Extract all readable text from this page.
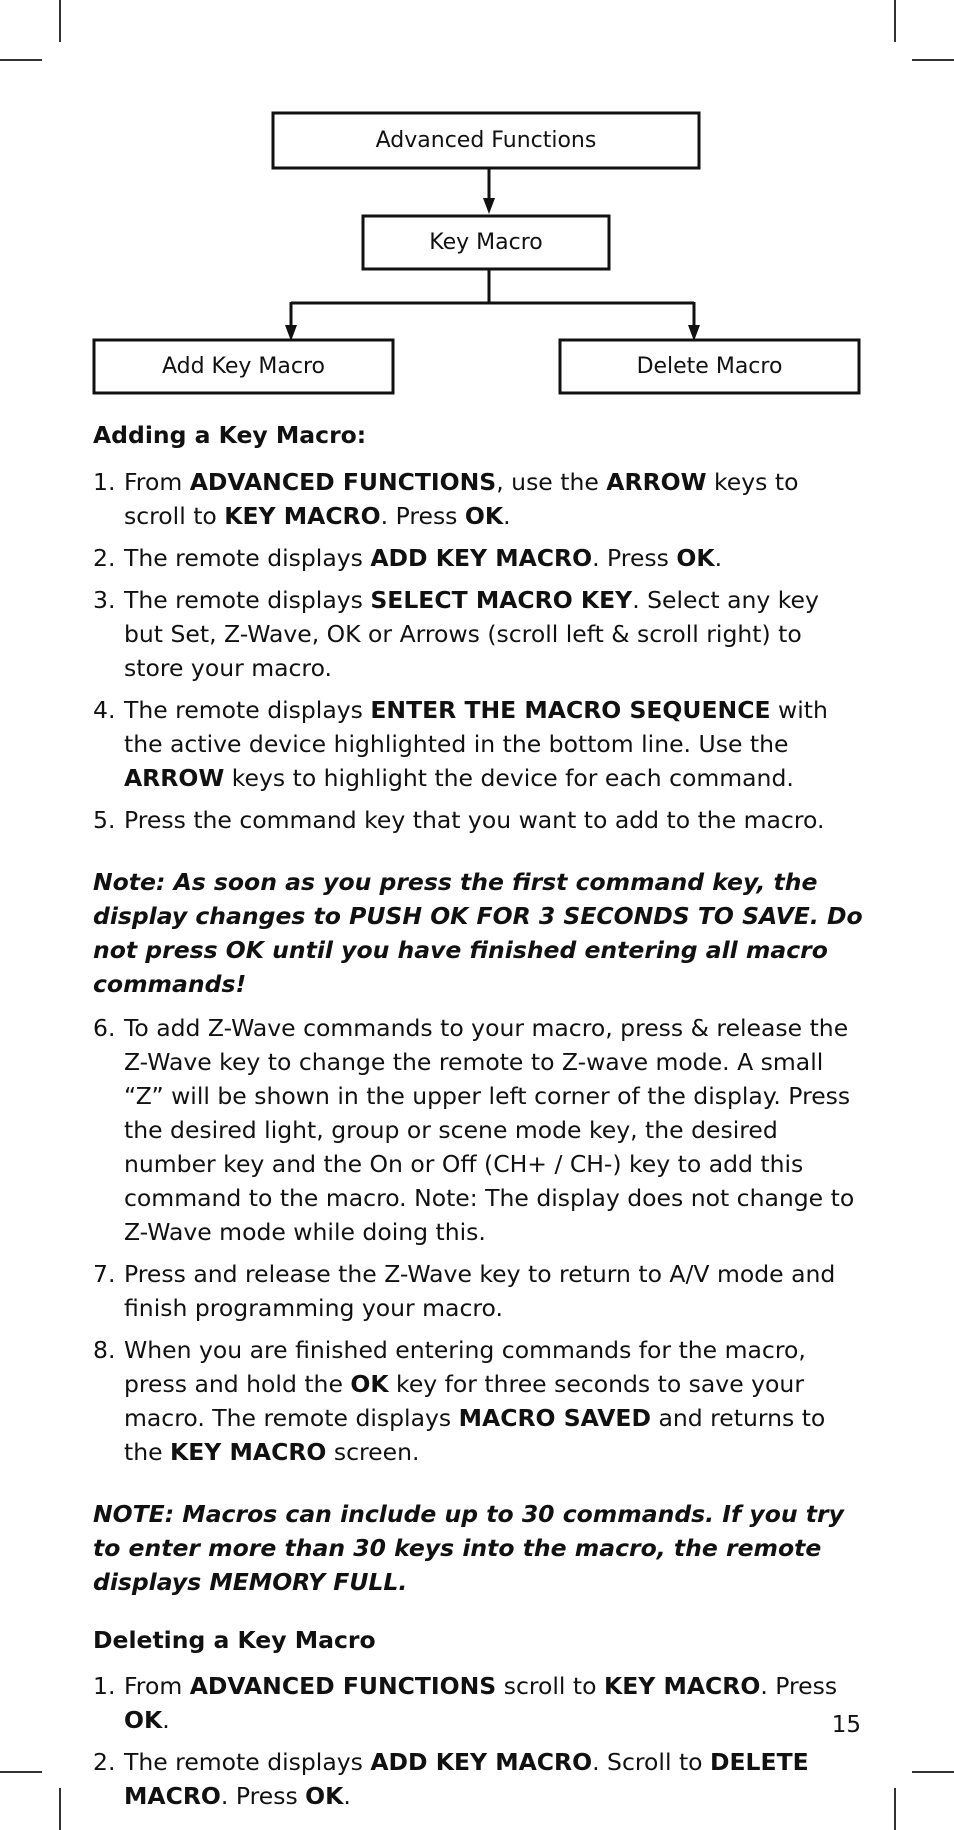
Advanced Functions
Key Macro
Add Key Macro	Delete Macro
Adding a Key Macro:
1. From ADVANCED FUNCTIONS, use the ARROW keys to scroll to KEY MACRO. Press OK.
2. The remote displays ADD KEY MACRO. Press OK.
3. The remote displays SELECT MACRO KEY. Select any key but Set, Z-Wave, OK or Arrows (scroll left & scroll right) to store your macro.
4. The remote displays ENTER THE MACRO SEQUENCE with the active device highlighted in the bottom line. Use the ARROW keys to highlight the device for each command.
5. Press the command key that you want to add to the macro.
Note: As soon as you press the first command key, the display changes to PUSH OK FOR 3 SECONDS TO SAVE. Do not press OK until you have finished entering all macro commands!
6. To add Z-Wave commands to your macro, press & release the Z-Wave key to change the remote to Z-wave mode. A small “Z” will be shown in the upper left corner of the display. Press the desired light, group or scene mode key, the desired number key and the On or Off (CH+ / CH-) key to add this command to the macro. Note: The display does not change to Z-Wave mode while doing this.
7. Press and release the Z-Wave key to return to A/V mode and finish programming your macro.
8. When you are finished entering commands for the macro, press and hold the OK key for three seconds to save your macro. The remote displays MACRO SAVED and returns to the KEY MACRO screen.
NOTE: Macros can include up to 30 commands. If you try to enter more than 30 keys into the macro, the remote displays MEMORY FULL.
Deleting a Key Macro
1. From ADVANCED FUNCTIONS scroll to KEY MACRO. Press OK.
2. The remote displays ADD KEY MACRO. Scroll to DELETE MACRO. Press OK.
15
